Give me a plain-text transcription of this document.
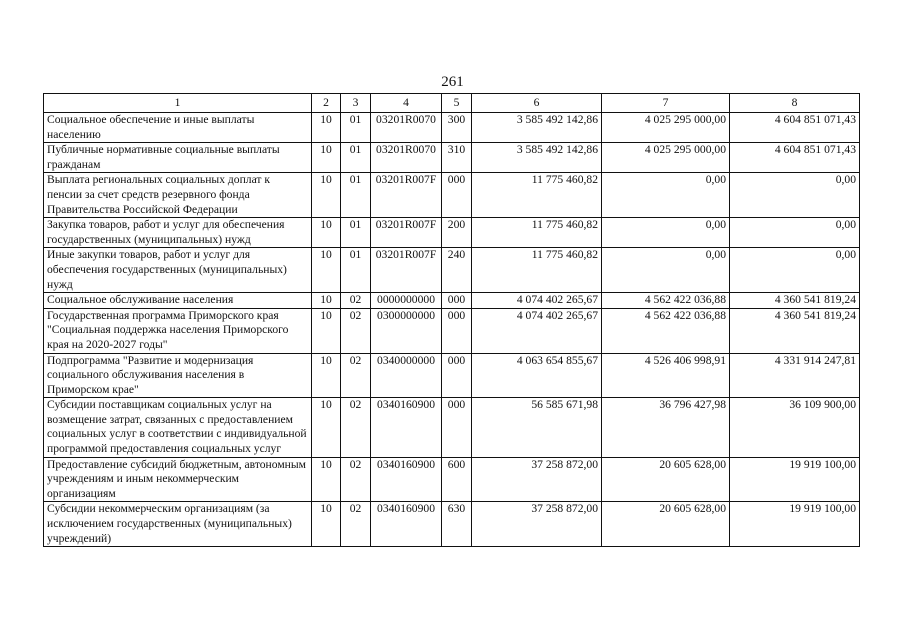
261
1	2	3	4	5	6	7	8
Социальное обеспечение и иные выплаты населению	10	01	03201R0070	300	3 585 492 142,86	4 025 295 000,00	4 604 851 071,43
Публичные нормативные социальные выплаты гражданам	10	01	03201R0070	310	3 585 492 142,86	4 025 295 000,00	4 604 851 071,43
Выплата региональных социальных доплат к пенсии за счет средств резервного фонда Правительства Российской Федерации	10	01	03201R007F	000	11 775 460,82	0,00	0,00
Закупка товаров, работ и услуг для обеспечения государственных (муниципальных) нужд	10	01	03201R007F	200	11 775 460,82	0,00	0,00
Иные закупки товаров, работ и услуг для обеспечения государственных (муниципальных) нужд	10	01	03201R007F	240	11 775 460,82	0,00	0,00
Социальное обслуживание населения	10	02	0000000000	000	4 074 402 265,67	4 562 422 036,88	4 360 541 819,24
Государственная программа Приморского края "Социальная поддержка населения Приморского края на 2020-2027 годы"	10	02	0300000000	000	4 074 402 265,67	4 562 422 036,88	4 360 541 819,24
Подпрограмма "Развитие и модернизация социального обслуживания населения в Приморском крае"	10	02	0340000000	000	4 063 654 855,67	4 526 406 998,91	4 331 914 247,81
Субсидии поставщикам социальных услуг на возмещение затрат, связанных с предоставлением социальных услуг в соответствии с индивидуальной программой предоставления социальных услуг	10	02	0340160900	000	56 585 671,98	36 796 427,98	36 109 900,00
Предоставление субсидий бюджетным, автономным учреждениям и иным некоммерческим организациям	10	02	0340160900	600	37 258 872,00	20 605 628,00	19 919 100,00
Субсидии некоммерческим организациям (за исключением государственных (муниципальных) учреждений)	10	02	0340160900	630	37 258 872,00	20 605 628,00	19 919 100,00
